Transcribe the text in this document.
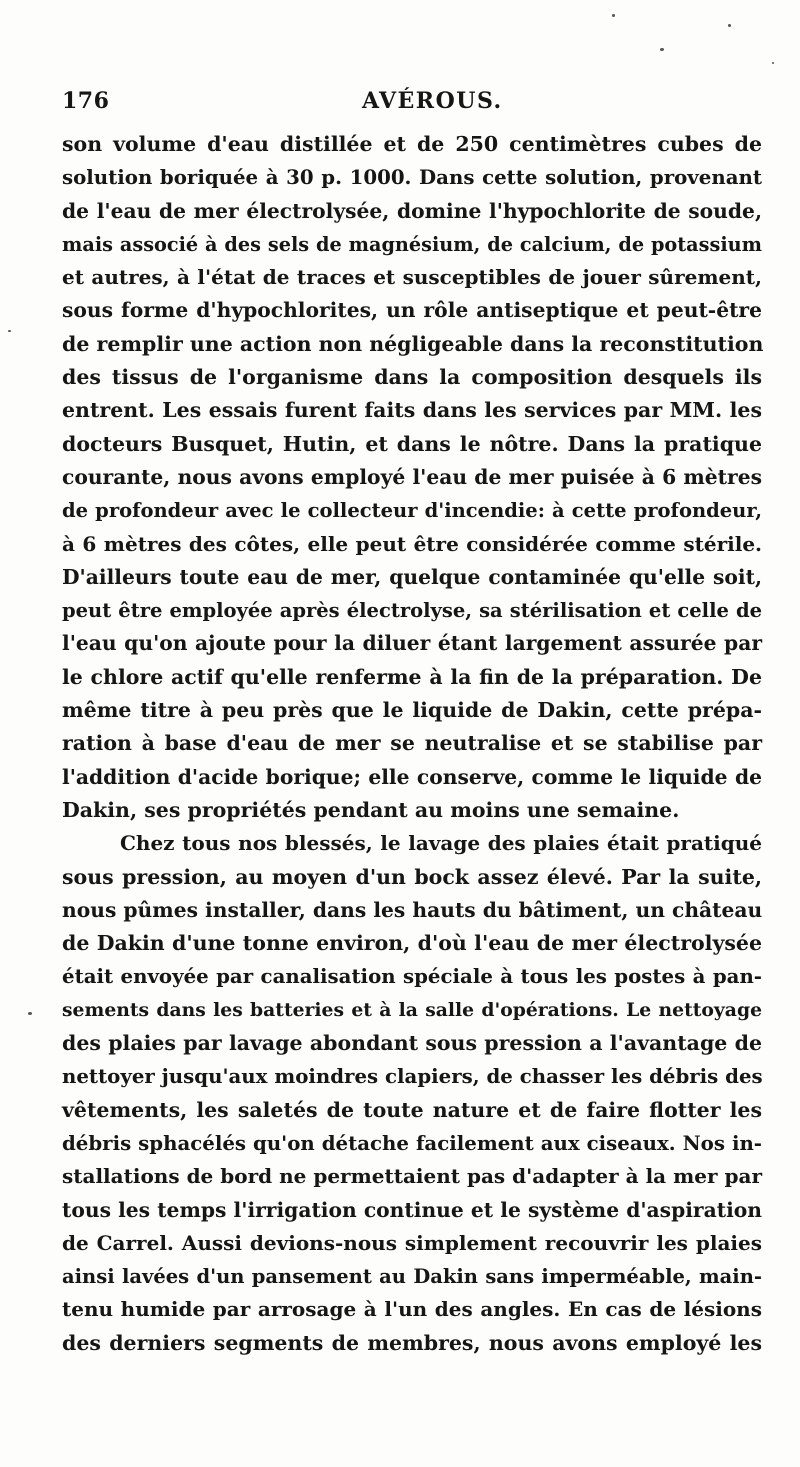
176	AVÉROUS.
son volume d'eau distillée et de 250 centimètres cubes de
solution boriquée à 30 p. 1000. Dans cette solution, provenant
de l'eau de mer électrolysée, domine l'hypochlorite de soude,
mais associé à des sels de magnésium, de calcium, de potassium
et autres, à l'état de traces et susceptibles de jouer sûrement,
sous forme d'hypochlorites, un rôle antiseptique et peut-être
de remplir une action non négligeable dans la reconstitution
des tissus de l'organisme dans la composition desquels ils
entrent. Les essais furent faits dans les services par MM. les
docteurs Busquet, Hutin, et dans le nôtre. Dans la pratique
courante, nous avons employé l'eau de mer puisée à 6 mètres
de profondeur avec le collecteur d'incendie: à cette profondeur,
à 6 mètres des côtes, elle peut être considérée comme stérile.
D'ailleurs toute eau de mer, quelque contaminée qu'elle soit,
peut être employée après électrolyse, sa stérilisation et celle de
l'eau qu'on ajoute pour la diluer étant largement assurée par
le chlore actif qu'elle renferme à la fin de la préparation. De
même titre à peu près que le liquide de Dakin, cette prépa-
ration à base d'eau de mer se neutralise et se stabilise par
l'addition d'acide borique; elle conserve, comme le liquide de
Dakin, ses propriétés pendant au moins une semaine.
Chez tous nos blessés, le lavage des plaies était pratiqué
sous pression, au moyen d'un bock assez élevé. Par la suite,
nous pûmes installer, dans les hauts du bâtiment, un château
de Dakin d'une tonne environ, d'où l'eau de mer électrolysée
était envoyée par canalisation spéciale à tous les postes à pan-
sements dans les batteries et à la salle d'opérations. Le nettoyage
des plaies par lavage abondant sous pression a l'avantage de
nettoyer jusqu'aux moindres clapiers, de chasser les débris des
vêtements, les saletés de toute nature et de faire flotter les
débris sphacélés qu'on détache facilement aux ciseaux. Nos in-
stallations de bord ne permettaient pas d'adapter à la mer par
tous les temps l'irrigation continue et le système d'aspiration
de Carrel. Aussi devions-nous simplement recouvrir les plaies
ainsi lavées d'un pansement au Dakin sans imperméable, main-
tenu humide par arrosage à l'un des angles. En cas de lésions
des derniers segments de membres, nous avons employé les
